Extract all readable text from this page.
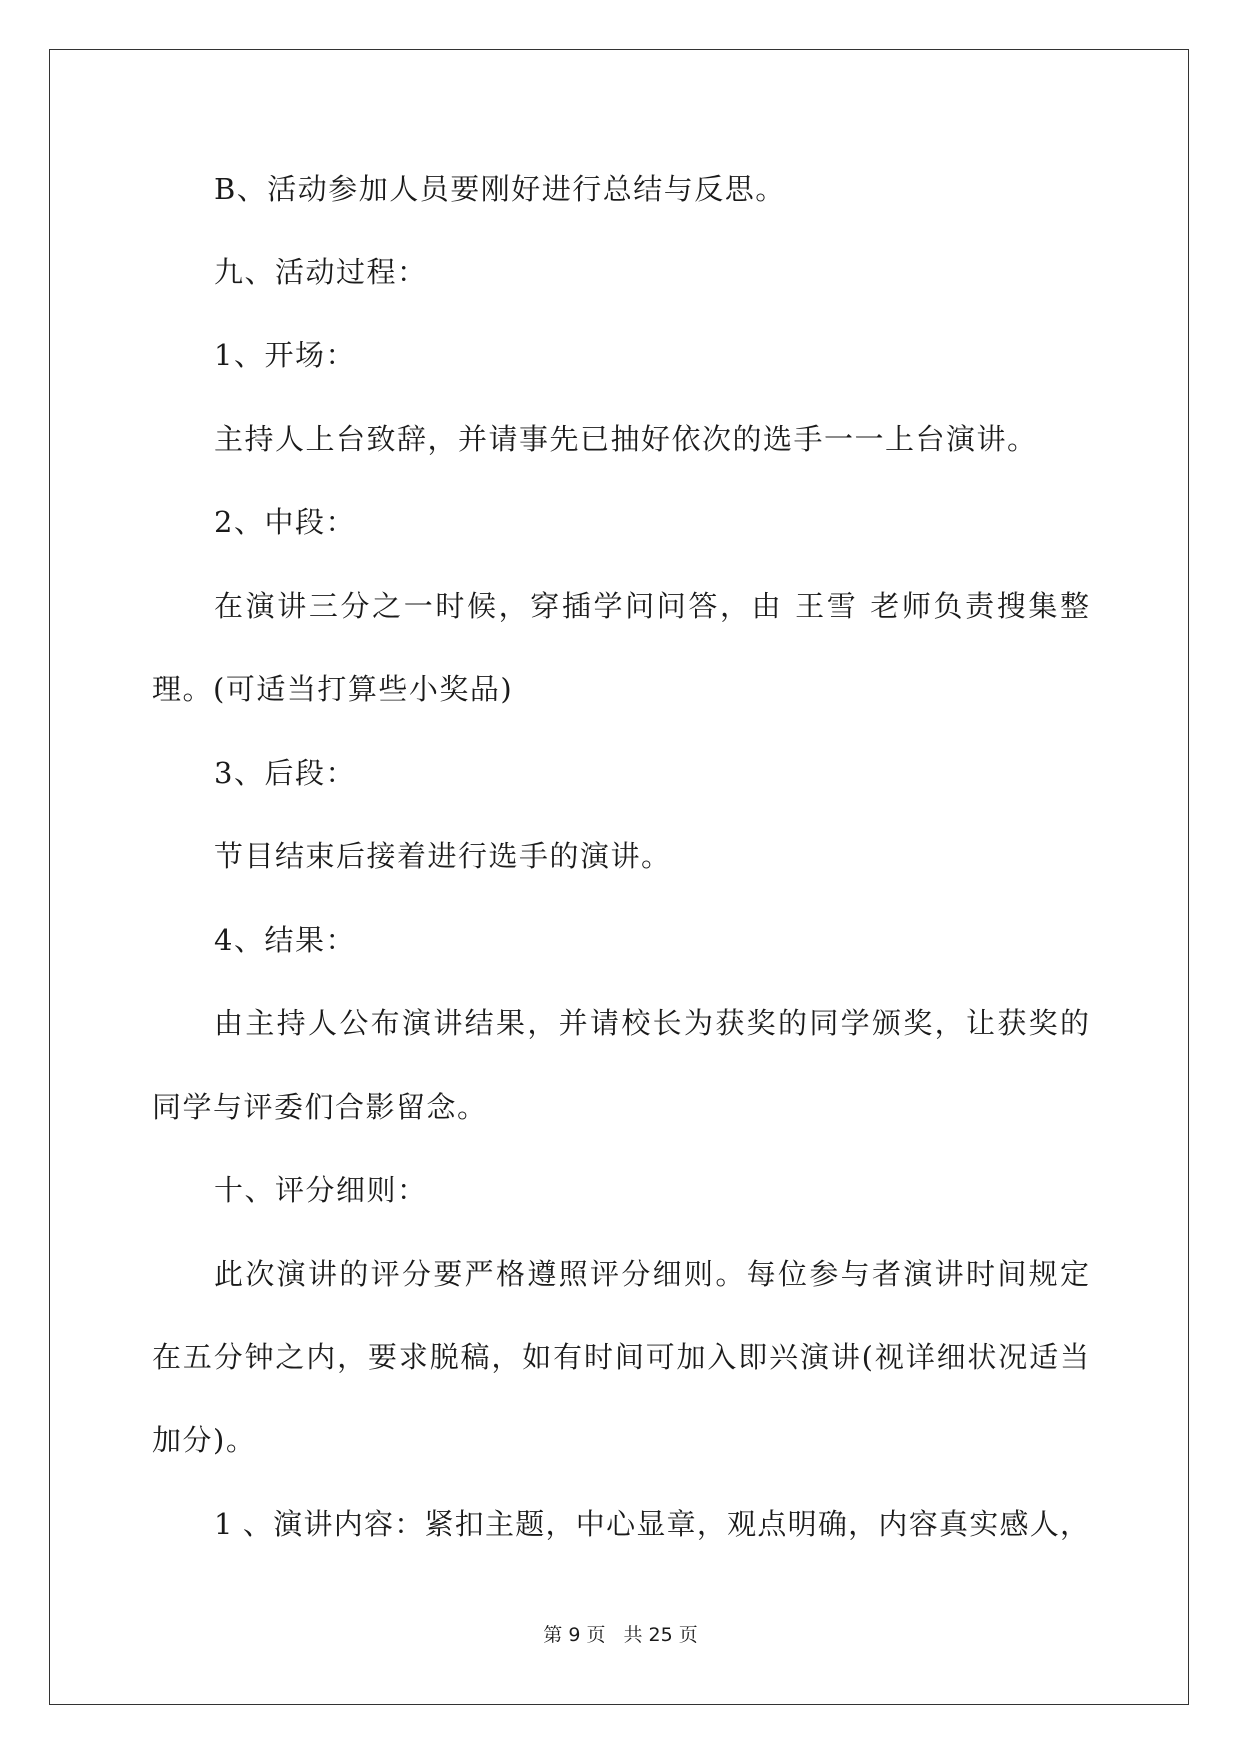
B、活动参加人员要刚好进行总结与反思。
九、活动过程：
1、开场：
主持人上台致辞，并请事先已抽好依次的选手一一上台演讲。
2、中段：
在演讲三分之一时候，穿插学问问答，由 王雪 老师负责搜集整
理。(可适当打算些小奖品)
3、后段：
节目结束后接着进行选手的演讲。
4、结果：
由主持人公布演讲结果，并请校长为获奖的同学颁奖，让获奖的
同学与评委们合影留念。
十、评分细则：
此次演讲的评分要严格遵照评分细则。每位参与者演讲时间规定
在五分钟之内，要求脱稿，如有时间可加入即兴演讲(视详细状况适当
加分)。
第 9 页 共 25 页
1 、演讲内容：紧扣主题，中心显章，观点明确，内容真实感人，
